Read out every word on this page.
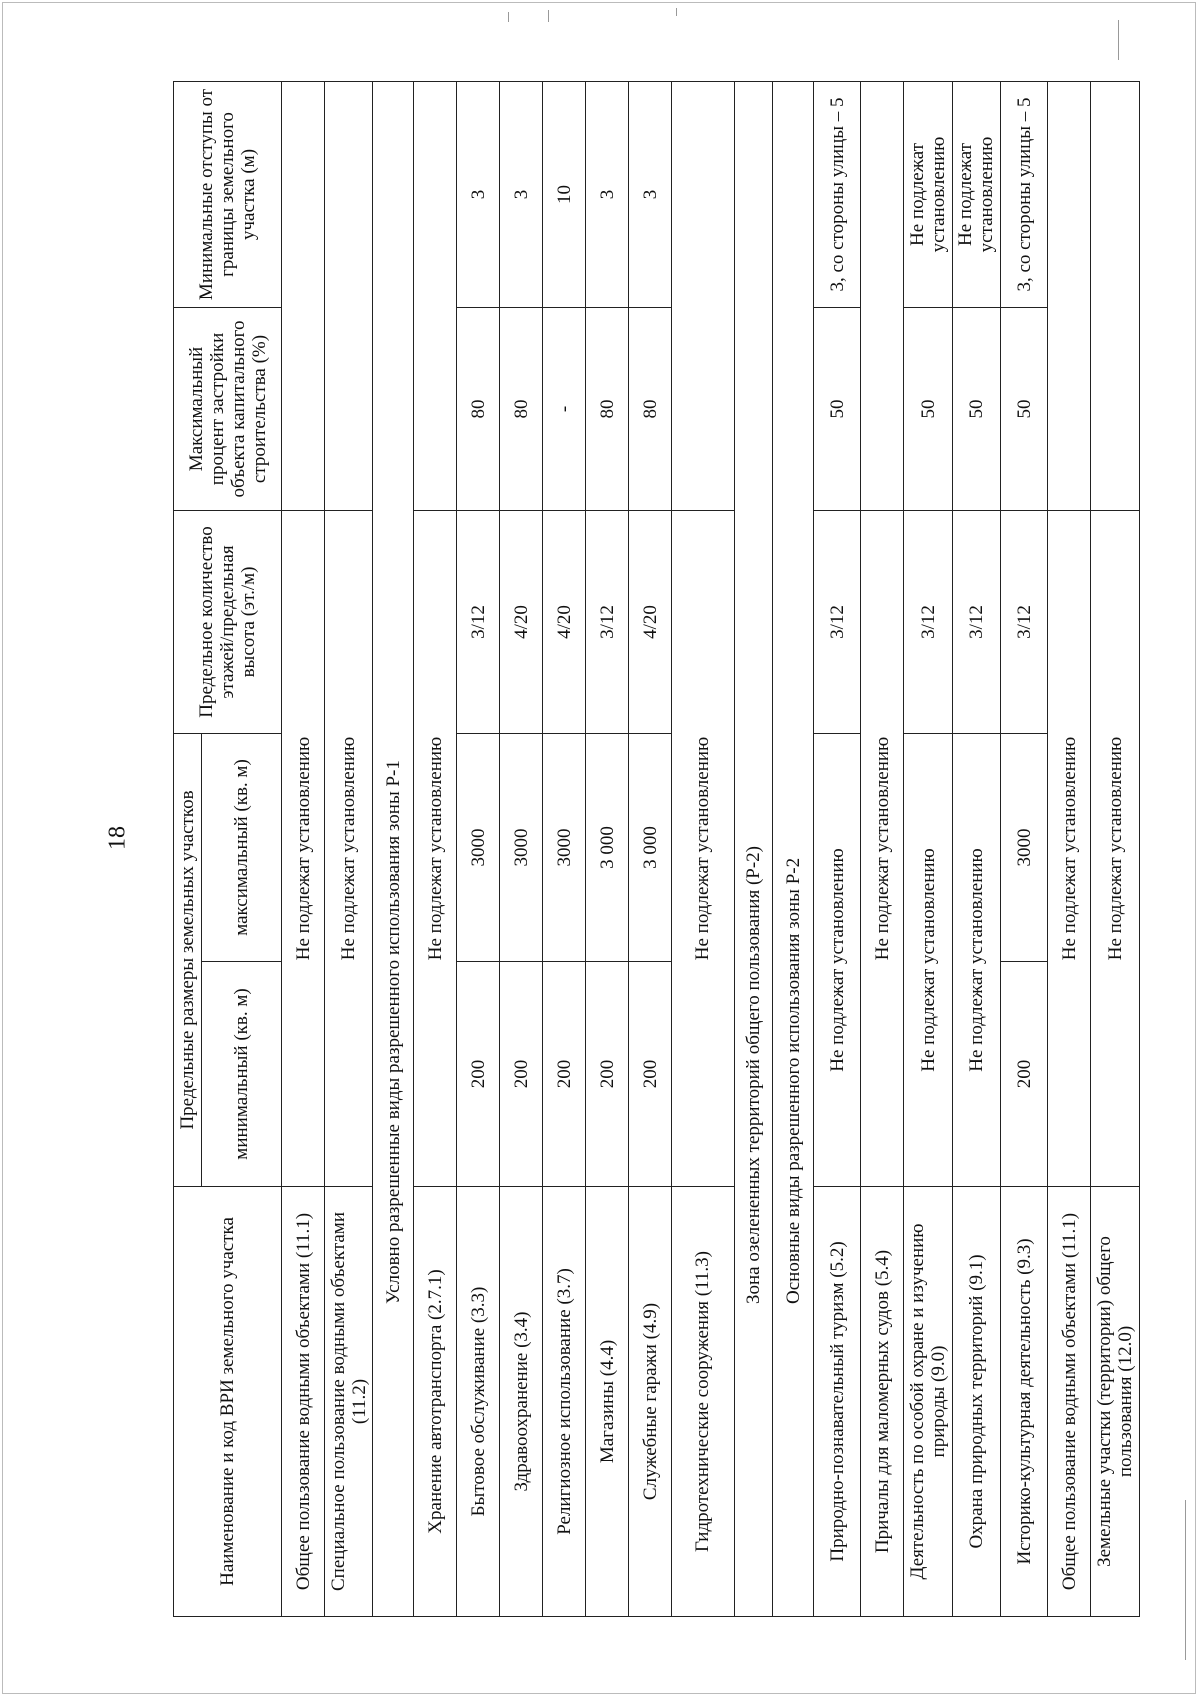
18
Наименование и код ВРИ земельного участка	Предельные размеры земельных участков		Предельное количество этажей/предельная высота (эт./м)	Максимальный процент застройки объекта капитального строительства (%)	Минимальные отступы от границы земельного участка (м)
	минимальный (кв. м)	максимальный (кв. м)			
Общее пользование водными объектами (11.1)	Не подлежат установлению				
Специальное пользование водными объектами (11.2)	Не подлежат установлению				
Условно разрешенные виды разрешенного использования зоны Р-1					
Хранение автотранспорта (2.7.1)	Не подлежат установлению				
Бытовое обслуживание (3.3)	200	3000	3/12	80	3
Здравоохранение (3.4)	200	3000	4/20	80	3
Религиозное использование (3.7)	200	3000	4/20	-	10
Магазины (4.4)	200	3 000	3/12	80	3
Служебные гаражи (4.9)	200	3 000	4/20	80	3
Гидротехнические сооружения (11.3)	Не подлежат установлению				
Зона озелененных территорий общего пользования (Р-2)					
Основные виды разрешенного использования зоны Р-2					
Природно-познавательный туризм (5.2)	Не подлежат установлению		3/12	50	3, со стороны улицы – 5
Причалы для маломерных судов (5.4)	Не подлежат установлению				
Деятельность по особой охране и изучению природы (9.0)	Не подлежат установлению		3/12	50	Не подлежат установлению
Охрана природных территорий (9.1)	Не подлежат установлению		3/12	50	Не подлежат установлению
Историко-культурная деятельность (9.3)	200	3000	3/12	50	3, со стороны улицы – 5
Общее пользование водными объектами (11.1)	Не подлежат установлению				
Земельные участки (территории) общего пользования (12.0)	Не подлежат установлению				
